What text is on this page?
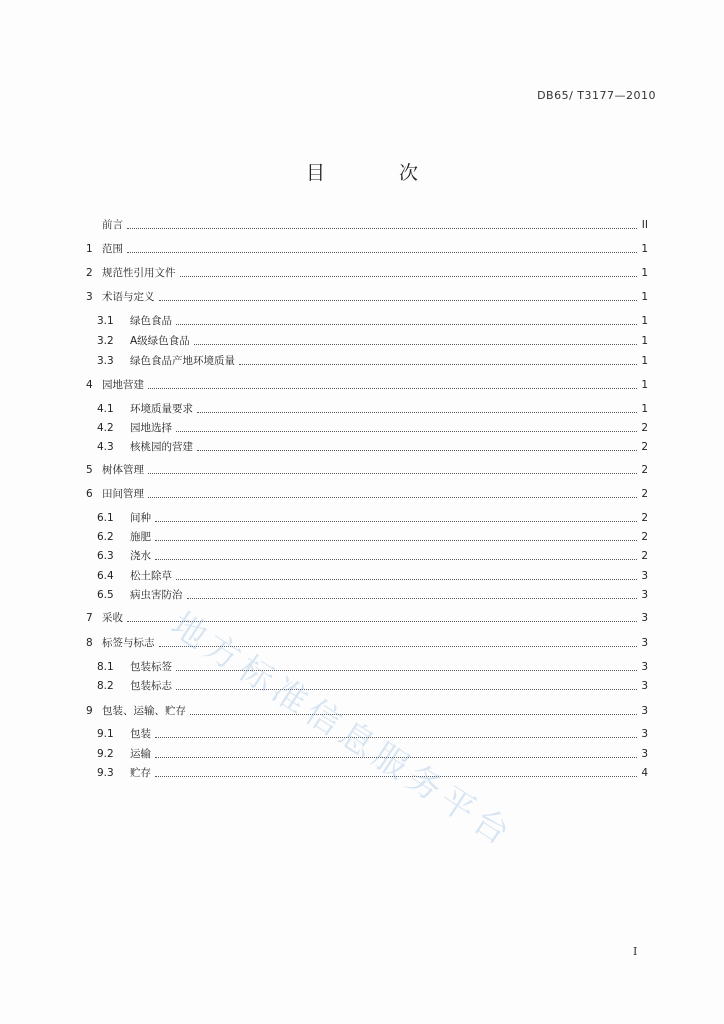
DB65/ T3177—2010
目 次
前言	II
1 范围	1
2 规范性引用文件	1
3 术语与定义	1
3.1	绿色食品	1
3.2	A级绿色食品	1
3.3	绿色食品产地环境质量	1
4 园地营建	1
4.1	环境质量要求	1
4.2	园地选择	2
4.3	核桃园的营建	2
5 树体管理	2
6 田间管理	2
6.1	间种	2
6.2	施肥	2
6.3	浇水	2
6.4	松土除草	3
6.5	病虫害防治	3
7 采收	3
8 标签与标志	3
8.1	包装标签	3
8.2	包装标志	3
9 包装、运输、贮存	3
9.1	包装	3
9.2	运输	3
9.3	贮存	4
I
地方标准信息服务平台
